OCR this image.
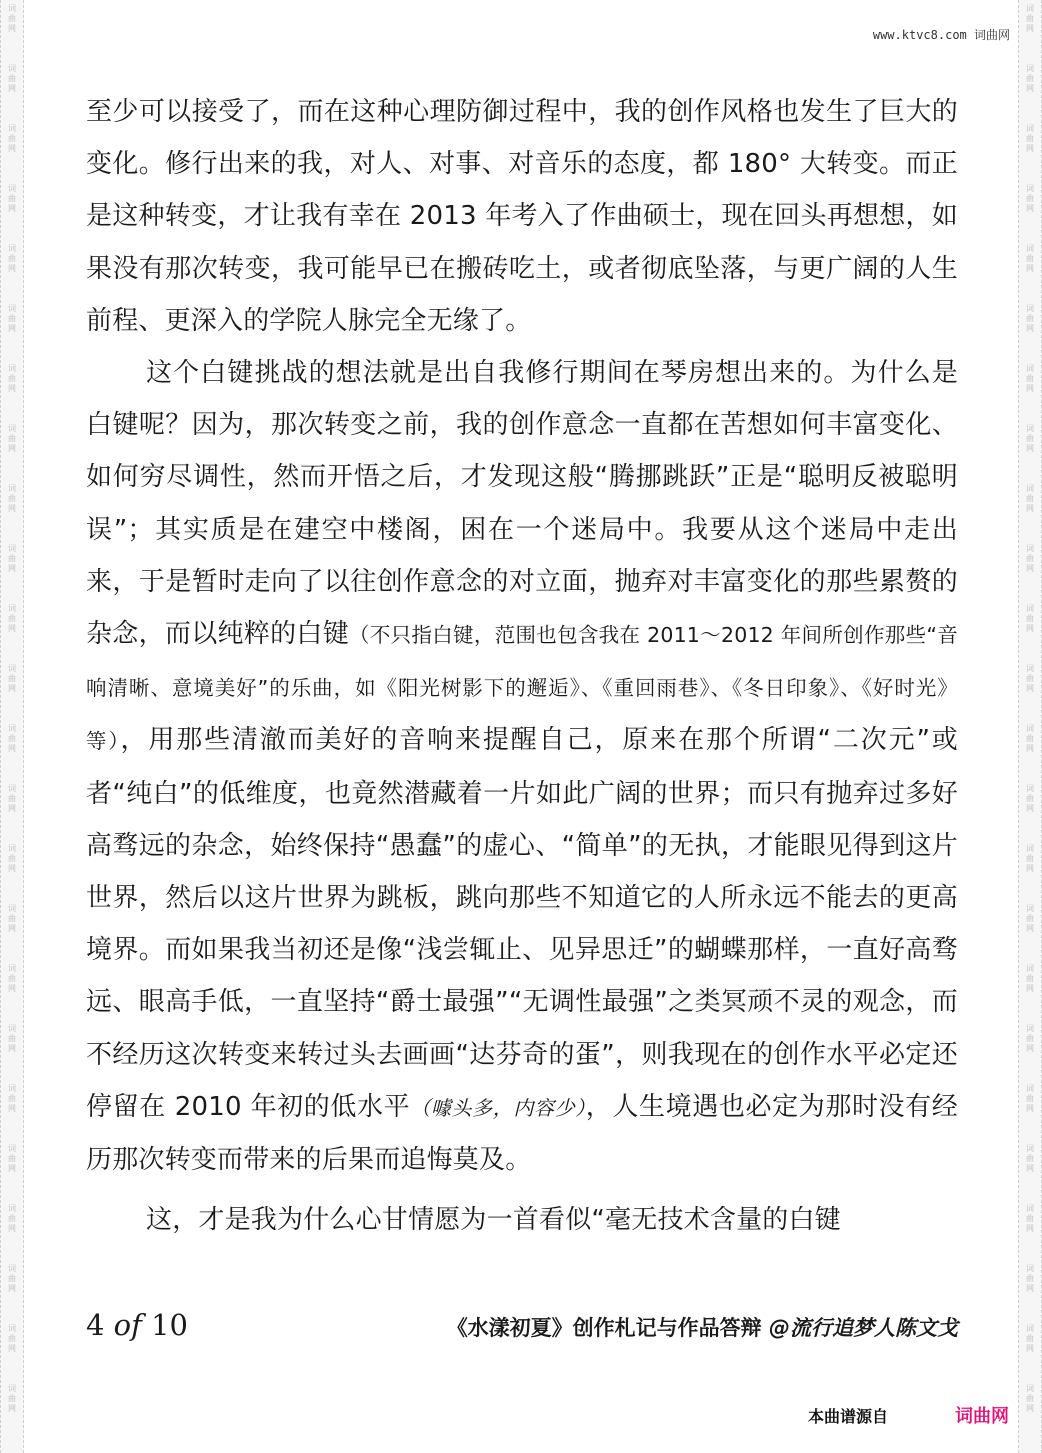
词
曲
网
词
曲
网
词
曲
网
词
曲
网
词
曲
网
词
曲
网
词
曲
网
词
曲
网
词
曲
网
词
曲
网
词
曲
网
词
曲
网
词
曲
网
词
曲
网
词
曲
网
词
曲
网
词
曲
网
词
曲
网
词
曲
网
词
曲
网
词
曲
网
词
曲
网
词
曲
网
词
曲
网
词
曲
网
词
曲
网
词
曲
网
词
曲
网
词
曲
网
词
曲
网
词
曲
网
词
曲
网
词
曲
网
词
曲
网
词
曲
网
词
曲
网
词
曲
网
词
曲
网
词
曲
网
词
曲
网
词
曲
网
词
曲
网
词
曲
网
词
曲
网
词
曲
网
词
曲
网
词
曲
网
词
曲
网
www.ktvc8.com 词曲网

至少可以接受了，而在这种心理防御过程中，我的创作风格也发生了巨大的变化。修行出来的我，对人、对事、对音乐的态度，都 180° 大转变。而正是这种转变，才让我有幸在 2013 年考入了作曲硕士，现在回头再想想，如果没有那次转变，我可能早已在搬砖吃土，或者彻底坠落，与更广阔的人生前程、更深入的学院人脉完全无缘了。

这个白键挑战的想法就是出自我修行期间在琴房想出来的。为什么是白键呢？因为，那次转变之前，我的创作意念一直都在苦想如何丰富变化、如何穷尽调性，然而开悟之后，才发现这般“腾挪跳跃”正是“聪明反被聪明误”；其实质是在建空中楼阁，困在一个迷局中。我要从这个迷局中走出来，于是暂时走向了以往创作意念的对立面，抛弃对丰富变化的那些累赘的杂念，而以纯粹的白键（不只指白键，范围也包含我在 2011～2012 年间所创作那些“音响清晰、意境美好”的乐曲，如《阳光树影下的邂逅》、《重回雨巷》、《冬日印象》、《好时光》等），用那些清澈而美好的音响来提醒自己，原来在那个所谓“二次元”或者“纯白”的低维度，也竟然潜藏着一片如此广阔的世界；而只有抛弃过多好高骛远的杂念，始终保持“愚蠢”的虚心、“简单”的无执，才能眼见得到这片世界，然后以这片世界为跳板，跳向那些不知道它的人所永远不能去的更高境界。而如果我当初还是像“浅尝辄止、见异思迁”的蝴蝶那样，一直好高骛远、眼高手低，一直坚持“爵士最强”“无调性最强”之类冥顽不灵的观念，而不经历这次转变来转过头去画画“达芬奇的蛋”，则我现在的创作水平必定还停留在 2010 年初的低水平（噱头多，内容少），人生境遇也必定为那时没有经历那次转变而带来的后果而追悔莫及。

这，才是我为什么心甘情愿为一首看似“毫无技术含量的白键

4 of 10	《水漾初夏》创作札记与作品答辩 @流行追梦人陈文戈
本曲谱源自	词曲网
